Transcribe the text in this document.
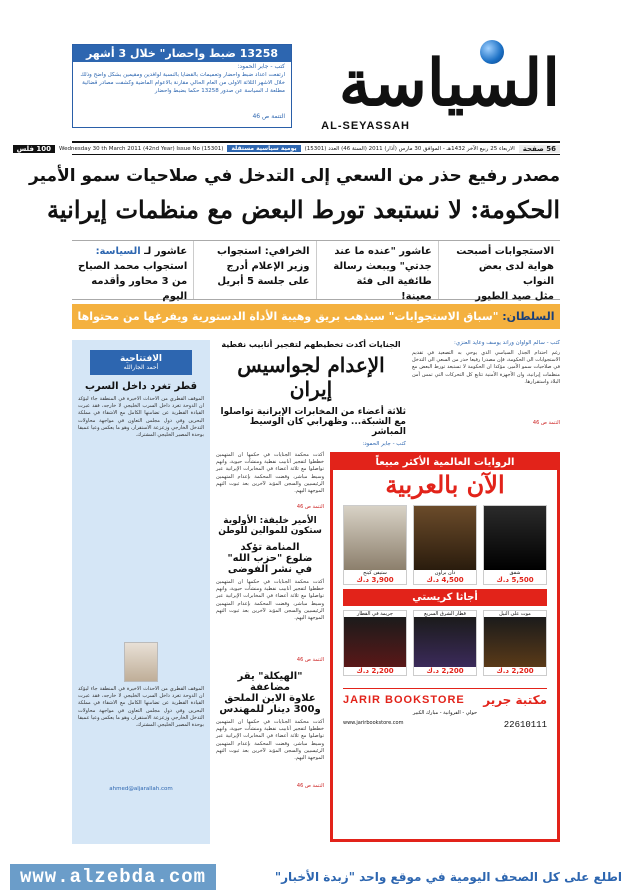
السياسة
AL-SEYASSAH
13258 ضبط واحضار" خلال 3 أشهر
كتب - جابر الحمود:
ارتفعت اعداد ضبط واحضار وتعميمات بالقضايا بالنسبة لوافدين ومقيمين بشكل واضح وذلك خلال الاشهر الثلاثة الاولى من العام الحالي مقارنة بالاعوام الماضية وكشفت مصادر قضائية مطلعة لـ السياسة عن صدور 13258 حكما بضبط واحضار
التتمة ص 46
56 صفحة
الاربعاء 25 ربيع الآخر 1432هـ - الموافق 30 مارس (آذار) 2011 (السنة 46) العدد (15301)
يومية سياسية مستقلة
Wednesday 30 th March 2011 (42nd Year) Issue No (15301)
100 فلس
مصدر رفيع حذر من السعي إلى التدخل في صلاحيات سمو الأمير
الحكومة: لا نستبعد تورط البعض مع منظمات إيرانية
الاستجوابات أصبحت
هواية لدى بعض النواب
مثل صيد الطيور
عاشور "عنده ما عند
جدتي" ويبعث رسالة
طائفية الى فئة معينة!
الخرافي: استجواب
وزير الإعلام أدرج
على جلسة 5 أبريل
عاشور لـ السياسة:
استجواب محمد الصباح
من 3 محاور وأقدمه اليوم
السلطان: "سباق الاستجوابات" سيذهب بريق وهيبة الأداة الدستورية ويفرغها من محتواها
كتب - سالم الواوان وراند يوسف وعايد العنزي:
رغم احتدام الجدل السياسي الذي يوحي به التصعيد في تقديم الاستجوابات الى الحكومة، فإن مصدرا رفيعا حذر من السعي الى التدخل في صلاحيات سمو الأمير، مؤكدا ان الحكومة لا تستبعد تورط البعض مع منظمات إيرانية، وان الأجهزة الأمنية تتابع كل التحركات التي تمس أمن البلاد واستقرارها.
التتمة ص 46
الجنايات أكدت تخطيطهم لتفجير أنابيب نفطية
الإعدام لجواسيس إيران
ثلاثة أعضاء من المخابرات الإيرانية تواصلوا
مع الشبكة... وظهرابي كان الوسيط المباشر
كتب - جابر الحمود:
أكدت محكمة الجنايات في حكمها ان المتهمين خططوا لتفجير أنابيب نفطية ومنشآت حيوية، وانهم تواصلوا مع ثلاثة أعضاء في المخابرات الإيرانية عبر وسيط مباشر، وقضت المحكمة بإعدام المتهمين الرئيسيين والسجن المؤبد لآخرين بعد ثبوت التهم الموجهة اليهم.
التتمة ص 46
الأمير خليفة: الأولوية
ستكون للموالين للوطن
المنامة تؤكد
ضلوع "حزب الله"
في نشر الفوضى
أكدت محكمة الجنايات في حكمها ان المتهمين خططوا لتفجير أنابيب نفطية ومنشآت حيوية، وانهم تواصلوا مع ثلاثة أعضاء في المخابرات الإيرانية عبر وسيط مباشر، وقضت المحكمة بإعدام المتهمين الرئيسيين والسجن المؤبد لآخرين بعد ثبوت التهم الموجهة اليهم.
التتمة ص 46
"الهيكلة" يقر مضاعفة
علاوة الابن الملحق
و300 دينار للمهندس
أكدت محكمة الجنايات في حكمها ان المتهمين خططوا لتفجير أنابيب نفطية ومنشآت حيوية، وانهم تواصلوا مع ثلاثة أعضاء في المخابرات الإيرانية عبر وسيط مباشر، وقضت المحكمة بإعدام المتهمين الرئيسيين والسجن المؤبد لآخرين بعد ثبوت التهم الموجهة اليهم.
التتمة ص 46
الافتتاحية
أحمد الجارالله
قطر تغرد داخل السرب
الموقف القطري من الاحداث الاخيرة في المنطقة جاء ليؤكد ان الدوحة تغرد داخل السرب الخليجي لا خارجه، فقد عبرت القيادة القطرية عن تضامنها الكامل مع الاشقاء في مملكة البحرين وفي دول مجلس التعاون في مواجهة محاولات التدخل الخارجي وزعزعة الاستقرار، وهو ما يعكس وعيا عميقا بوحدة المصير الخليجي المشترك.
الموقف القطري من الاحداث الاخيرة في المنطقة جاء ليؤكد ان الدوحة تغرد داخل السرب الخليجي لا خارجه، فقد عبرت القيادة القطرية عن تضامنها الكامل مع الاشقاء في مملكة البحرين وفي دول مجلس التعاون في مواجهة محاولات التدخل الخارجي وزعزعة الاستقرار، وهو ما يعكس وعيا عميقا بوحدة المصير الخليجي المشترك.
ahmed@aljarallah.com
الروايات العالمية الأكثر مبيعاً
الآن بالعربية
شفق
5,500 د.ك
دان براون
4,500 د.ك
ستيفن كينج
3,900 د.ك
أجاثا كريستي
موت على النيل
2,200 د.ك
قطار الشرق السريع
2,200 د.ك
جريمة في القطار
2,200 د.ك
مكتبة جرير
JARIR BOOKSTORE
حولي - الفروانية - مبارك الكبير
22610111
www.jarirbookstore.com
اطلع على كل الصحف اليومية في موقع واحد "زبدة الأخبار"
www.alzebda.com
